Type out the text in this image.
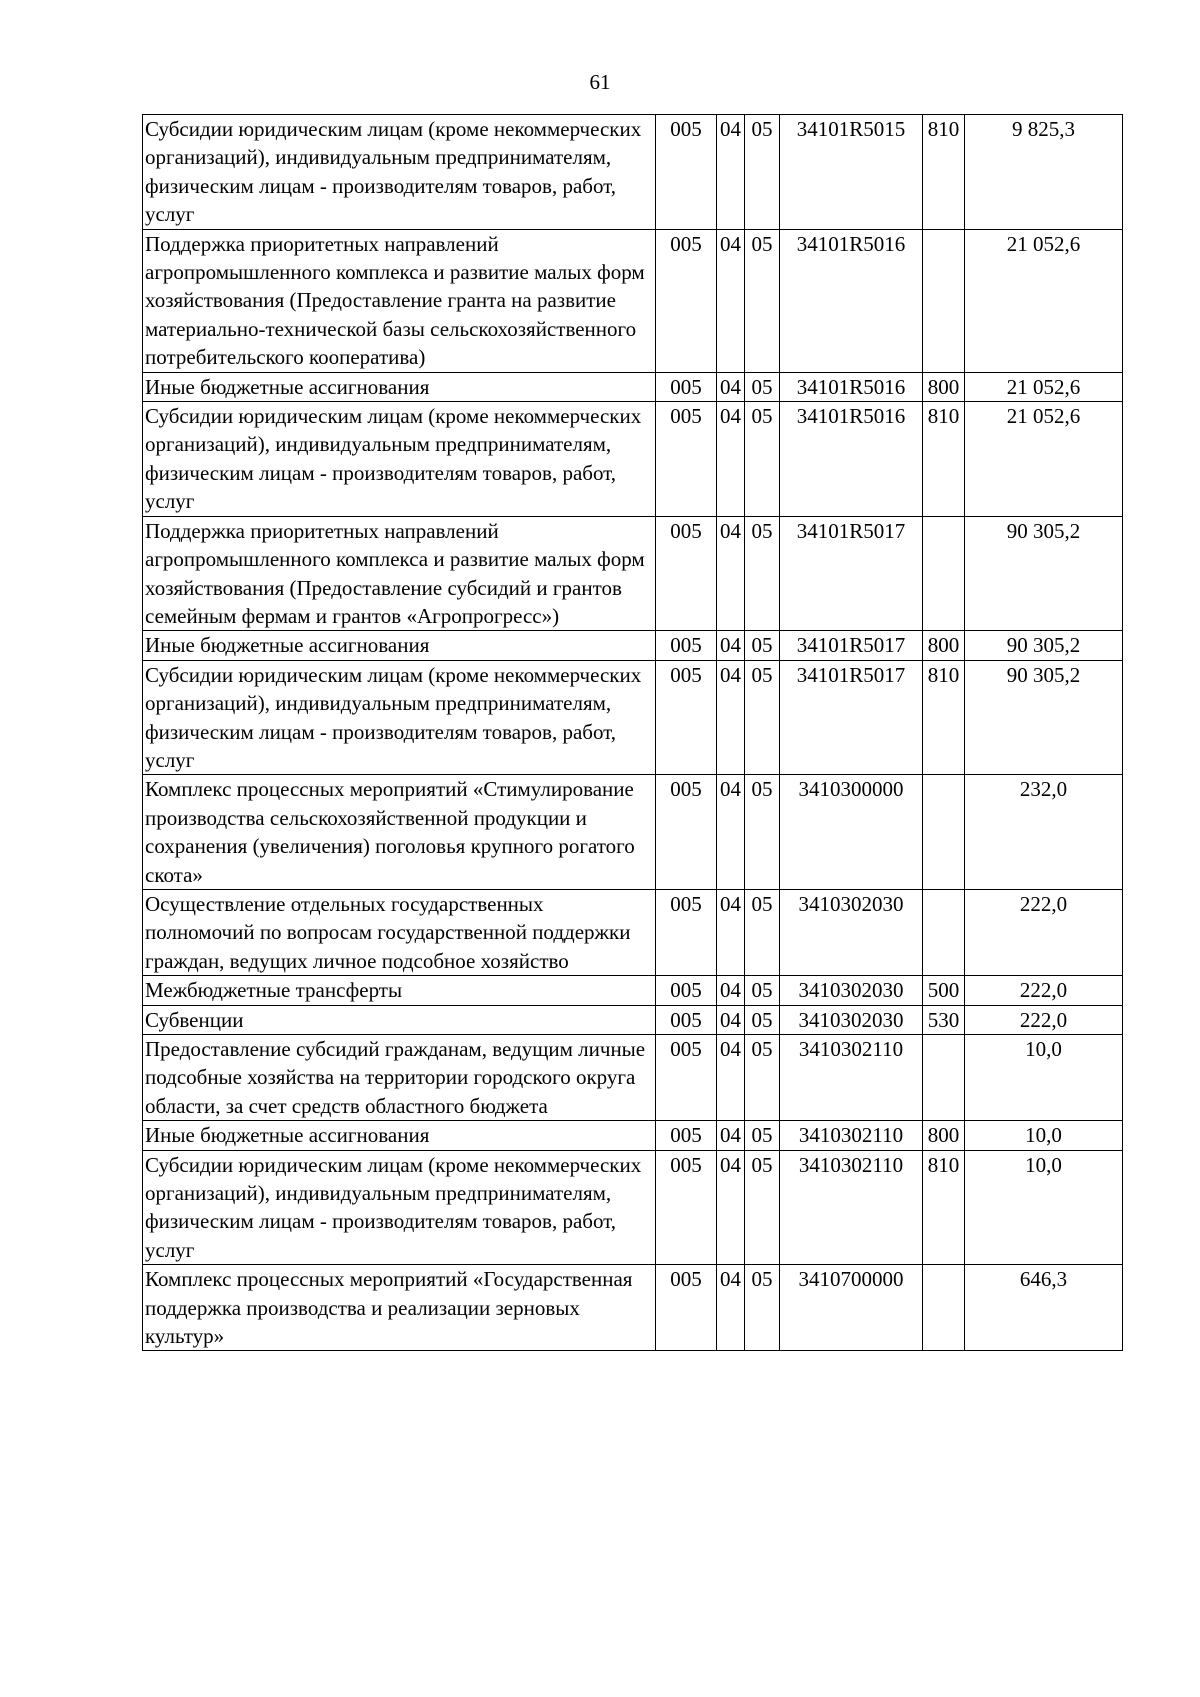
61
Субсидии юридическим лицам (кроме некоммерческих организаций), индивидуальным предпринимателям, физическим лицам - производителям товаров, работ, услуг	005	04	05	34101R5015	810	9 825,3
Поддержка приоритетных направлений агропромышленного комплекса и развитие малых форм хозяйствования (Предоставление гранта на развитие материально-технической базы сельскохозяйственного потребительского кооператива)	005	04	05	34101R5016		21 052,6
Иные бюджетные ассигнования	005	04	05	34101R5016	800	21 052,6
Субсидии юридическим лицам (кроме некоммерческих организаций), индивидуальным предпринимателям, физическим лицам - производителям товаров, работ, услуг	005	04	05	34101R5016	810	21 052,6
Поддержка приоритетных направлений агропромышленного комплекса и развитие малых форм хозяйствования (Предоставление субсидий и грантов семейным фермам и грантов «Агропрогресс»)	005	04	05	34101R5017		90 305,2
Иные бюджетные ассигнования	005	04	05	34101R5017	800	90 305,2
Субсидии юридическим лицам (кроме некоммерческих организаций), индивидуальным предпринимателям, физическим лицам - производителям товаров, работ, услуг	005	04	05	34101R5017	810	90 305,2
Комплекс процессных мероприятий «Стимулирование производства сельскохозяйственной продукции и сохранения (увеличения) поголовья крупного рогатого скота»	005	04	05	3410300000		232,0
Осуществление отдельных государственных полномочий по вопросам государственной поддержки граждан, ведущих личное подсобное хозяйство	005	04	05	3410302030		222,0
Межбюджетные трансферты	005	04	05	3410302030	500	222,0
Субвенции	005	04	05	3410302030	530	222,0
Предоставление субсидий гражданам, ведущим личные подсобные хозяйства на территории городского округа области, за счет средств областного бюджета	005	04	05	3410302110		10,0
Иные бюджетные ассигнования	005	04	05	3410302110	800	10,0
Субсидии юридическим лицам (кроме некоммерческих организаций), индивидуальным предпринимателям, физическим лицам - производителям товаров, работ, услуг	005	04	05	3410302110	810	10,0
Комплекс процессных мероприятий «Государственная поддержка производства и реализации зерновых культур»	005	04	05	3410700000		646,3
